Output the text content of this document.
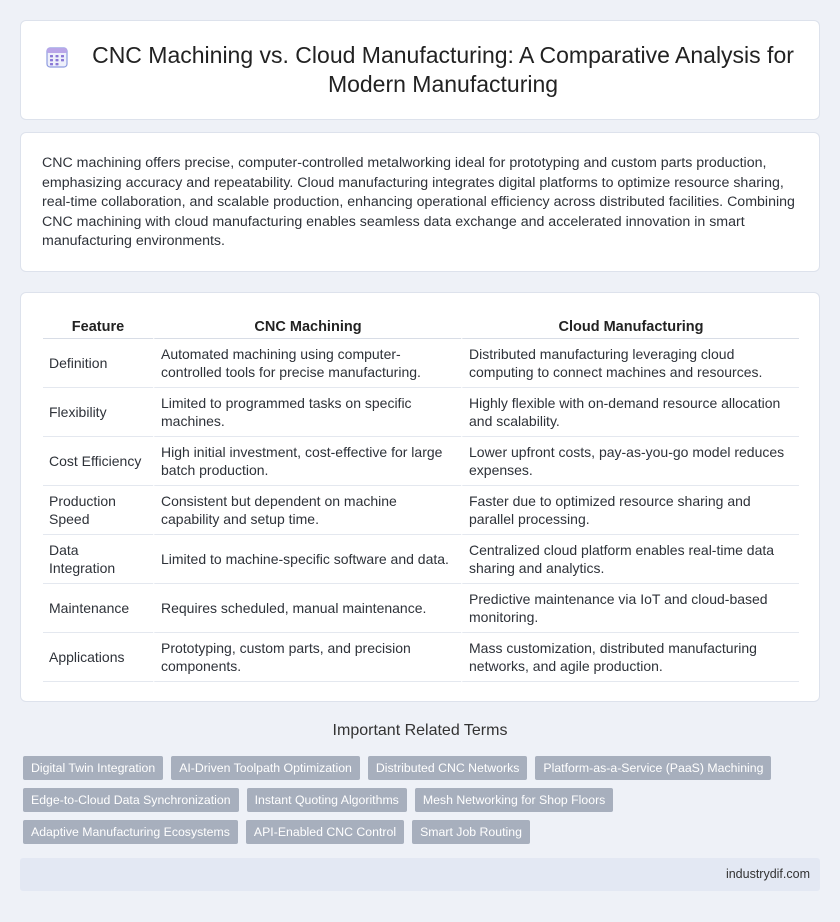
CNC Machining vs. Cloud Manufacturing: A Comparative Analysis for Modern Manufacturing

CNC machining offers precise, computer-controlled metalworking ideal for prototyping and custom parts production, emphasizing accuracy and repeatability. Cloud manufacturing integrates digital platforms to optimize resource sharing, real-time collaboration, and scalable production, enhancing operational efficiency across distributed facilities. Combining CNC machining with cloud manufacturing enables seamless data exchange and accelerated innovation in smart manufacturing environments.

Feature	CNC Machining	Cloud Manufacturing
Definition	Automated machining using computer-controlled tools for precise manufacturing.	Distributed manufacturing leveraging cloud computing to connect machines and resources.
Flexibility	Limited to programmed tasks on specific machines.	Highly flexible with on-demand resource allocation and scalability.
Cost Efficiency	High initial investment, cost-effective for large batch production.	Lower upfront costs, pay-as-you-go model reduces expenses.
Production Speed	Consistent but dependent on machine capability and setup time.	Faster due to optimized resource sharing and parallel processing.
Data Integration	Limited to machine-specific software and data.	Centralized cloud platform enables real-time data sharing and analytics.
Maintenance	Requires scheduled, manual maintenance.	Predictive maintenance via IoT and cloud-based monitoring.
Applications	Prototyping, custom parts, and precision components.	Mass customization, distributed manufacturing networks, and agile production.
Important Related Terms
Digital Twin Integration	AI-Driven Toolpath Optimization	Distributed CNC Networks	Platform-as-a-Service (PaaS) Machining
Edge-to-Cloud Data Synchronization	Instant Quoting Algorithms	Mesh Networking for Shop Floors
Adaptive Manufacturing Ecosystems	API-Enabled CNC Control	Smart Job Routing
industrydif.com
